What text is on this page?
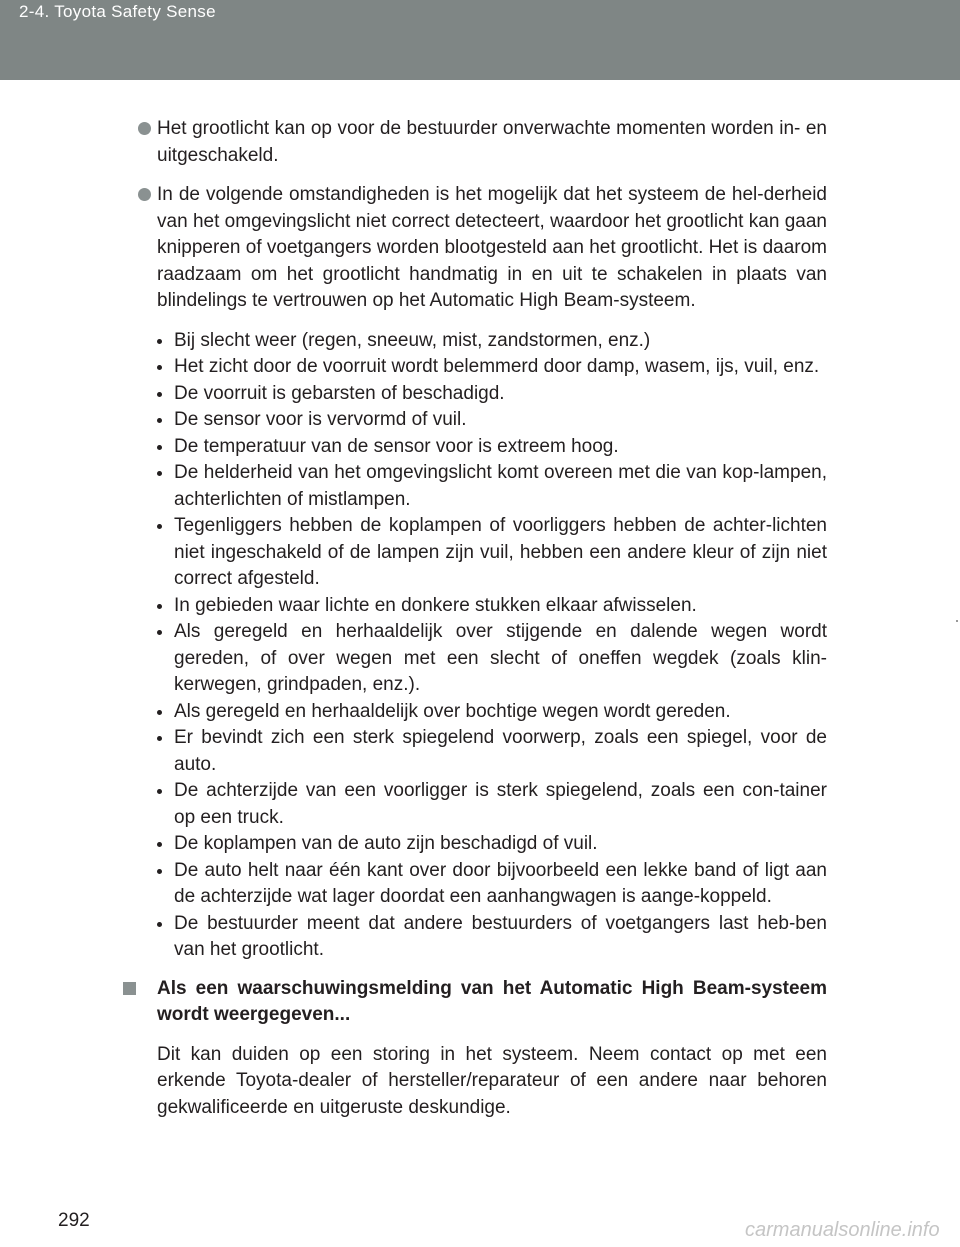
2-4. Toyota Safety Sense

Het grootlicht kan op voor de bestuurder onverwachte momenten worden in- en uitgeschakeld.

In de volgende omstandigheden is het mogelijk dat het systeem de hel-derheid van het omgevingslicht niet correct detecteert, waardoor het grootlicht kan gaan knipperen of voetgangers worden blootgesteld aan het grootlicht. Het is daarom raadzaam om het grootlicht handmatig in en uit te schakelen in plaats van blindelings te vertrouwen op het Automatic High Beam-systeem.

Bij slecht weer (regen, sneeuw, mist, zandstormen, enz.)
Het zicht door de voorruit wordt belemmerd door damp, wasem, ijs, vuil, enz.
De voorruit is gebarsten of beschadigd.
De sensor voor is vervormd of vuil.
De temperatuur van de sensor voor is extreem hoog.
De helderheid van het omgevingslicht komt overeen met die van kop-lampen, achterlichten of mistlampen.
Tegenliggers hebben de koplampen of voorliggers hebben de achter-lichten niet ingeschakeld of de lampen zijn vuil, hebben een andere kleur of zijn niet correct afgesteld.
In gebieden waar lichte en donkere stukken elkaar afwisselen.
Als geregeld en herhaaldelijk over stijgende en dalende wegen wordt gereden, of over wegen met een slecht of oneffen wegdek (zoals klin-kerwegen, grindpaden, enz.).
Als geregeld en herhaaldelijk over bochtige wegen wordt gereden.
Er bevindt zich een sterk spiegelend voorwerp, zoals een spiegel, voor de auto.
De achterzijde van een voorligger is sterk spiegelend, zoals een con-tainer op een truck.
De koplampen van de auto zijn beschadigd of vuil.
De auto helt naar één kant over door bijvoorbeeld een lekke band of ligt aan de achterzijde wat lager doordat een aanhangwagen is aange-koppeld.
De bestuurder meent dat andere bestuurders of voetgangers last heb-ben van het grootlicht.

Als een waarschuwingsmelding van het Automatic High Beam-systeem wordt weergegeven...

Dit kan duiden op een storing in het systeem. Neem contact op met een erkende Toyota-dealer of hersteller/reparateur of een andere naar behoren gekwalificeerde en uitgeruste deskundige.

292	carmanualsonline.info
